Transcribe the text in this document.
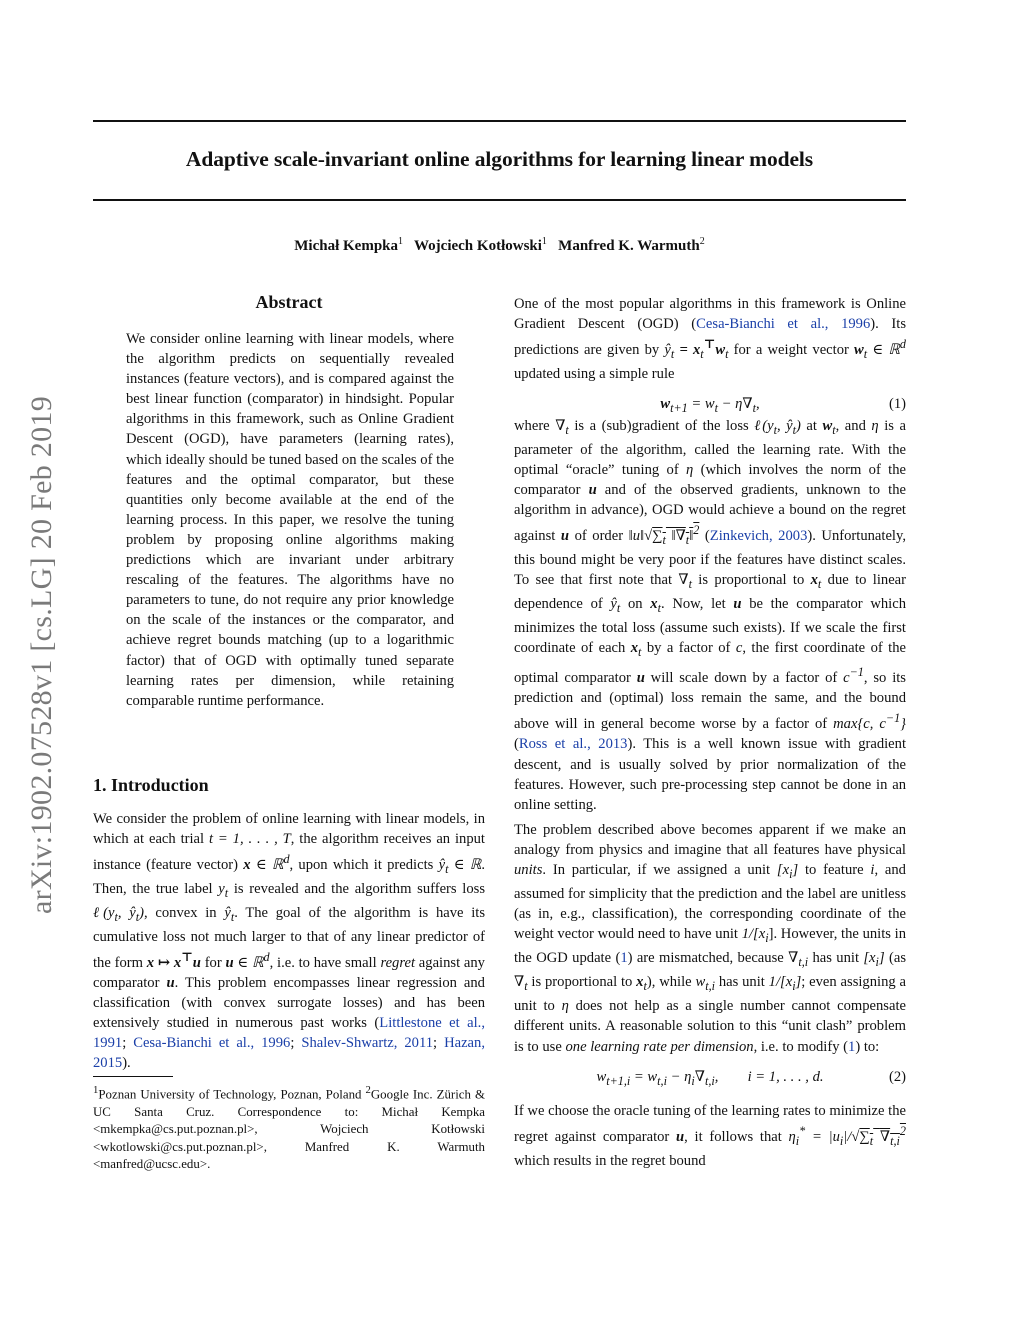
Adaptive scale-invariant online algorithms for learning linear models
Michał Kempka$^1$ Wojciech Kotłowski$^1$ Manfred K. Warmuth$^2$
arXiv:1902.07528v1 [cs.LG] 20 Feb 2019
Abstract

We consider online learning with linear models, where the algorithm predicts on sequentially revealed instances (feature vectors), and is compared against the best linear function (comparator) in hindsight. Popular algorithms in this framework, such as Online Gradient Descent (OGD), have parameters (learning rates), which ideally should be tuned based on the scales of the features and the optimal comparator, but these quantities only become available at the end of the learning process. In this paper, we resolve the tuning problem by proposing online algorithms making predictions which are invariant under arbitrary rescaling of the features. The algorithms have no parameters to tune, do not require any prior knowledge on the scale of the instances or the comparator, and achieve regret bounds matching (up to a logarithmic factor) that of OGD with optimally tuned separate learning rates per dimension, while retaining comparable runtime performance.

1. Introduction

We consider the problem of online learning with linear models, in which at each trial t = 1, . . . , T, the algorithm receives an input instance (feature vector) x ∈ ℝ$^d$, upon which it predicts $ŷ_t$ ∈ ℝ. Then, the true label $y_t$ is revealed and the algorithm suffers loss $\ell(y_t$, $ŷ_t$), convex in $ŷ_t$. The goal of the algorithm is have its cumulative loss not much larger to that of any linear predictor of the form x ↦ x⊤u for u ∈ ℝ$^d$, i.e. to have small regret against any comparator u. This problem encompasses linear regression and classification (with convex surrogate losses) and has been extensively studied in numerous past works (Littlestone et al., 1991; Cesa-Bianchi et al., 1996; Shalev-Shwartz, 2011; Hazan, 2015).

$^1$Poznan University of Technology, Poznan, Poland $^2$Google Inc. Zürich & UC Santa Cruz. Correspondence to: Michał Kempka <mkempka@cs.put.poznan.pl>, Wojciech Kotłowski <wkotlowski@cs.put.poznan.pl>, Manfred K. Warmuth <manfred@ucsc.edu>.

One of the most popular algorithms in this framework is Online Gradient Descent (OGD) (Cesa-Bianchi et al., 1996). Its predictions are given by $ŷ_t = x_t^⊤w_t$ for a weight vector $w_t$ ∈ ℝ$^d$ updated using a simple rule

$w_{t+1} = w_t - \eta\nabla_t$,	(1)

where $\nabla_t$ is a (sub)gradient of the loss $\ell(y_t$, $ŷ_t$) at $w_t$, and η is a parameter of the algorithm, called the learning rate. With the optimal “oracle” tuning of η (which involves the norm of the comparator u and of the observed gradients, unknown to the algorithm in advance), OGD would achieve a bound on the regret against u of order $‖u‖√\sum_t$ $‖\nabla_t‖^2$ (Zinkevich, 2003). Unfortunately, this bound might be very poor if the features have distinct scales. To see that first note that $\nabla_t$ is proportional to $x_t$ due to linear dependence of $ŷ_t$ on $x_t$. Now, let u be the comparator which minimizes the total loss (assume such exists). If we scale the first coordinate of each $x_t$ by a factor of c, the first coordinate of the optimal comparator u will scale down by a factor of $c^{-1}$, so its prediction and (optimal) loss remain the same, and the bound above will in general become worse by a factor of max{c, $c^{-1}$} (Ross et al., 2013). This is a well known issue with gradient descent, and is usually solved by prior normalization of the features. However, such pre-processing step cannot be done in an online setting.

The problem described above becomes apparent if we make an analogy from physics and imagine that all features have physical units. In particular, if we assigned a unit $[x_i]$ to feature i, and assumed for simplicity that the prediction and the label are unitless (as in, e.g., classification), the corresponding coordinate of the weight vector would need to have unit $1/[x_i]$. However, the units in the OGD update (1) are mismatched, because $\nabla_{t,i}$ has unit $[x_i]$ (as $\nabla_t$ is proportional to $x_t$), while $w_{t,i}$ has unit $1/[x_i]$; even assigning a unit to η does not help as a single number cannot compensate different units. A reasonable solution to this “unit clash” problem is to use one learning rate per dimension, i.e. to modify (1) to:

$w_{t+1,i} = w_{t,i} - \eta_i\nabla_{t,i}$,        i = 1, . . . , d.	(2)

If we choose the oracle tuning of the learning rates to minimize the regret against comparator u, it follows that $\eta_i^* = |u_i|/√\sum_t$ $\nabla_{t,i}^2$ which results in the regret bound
